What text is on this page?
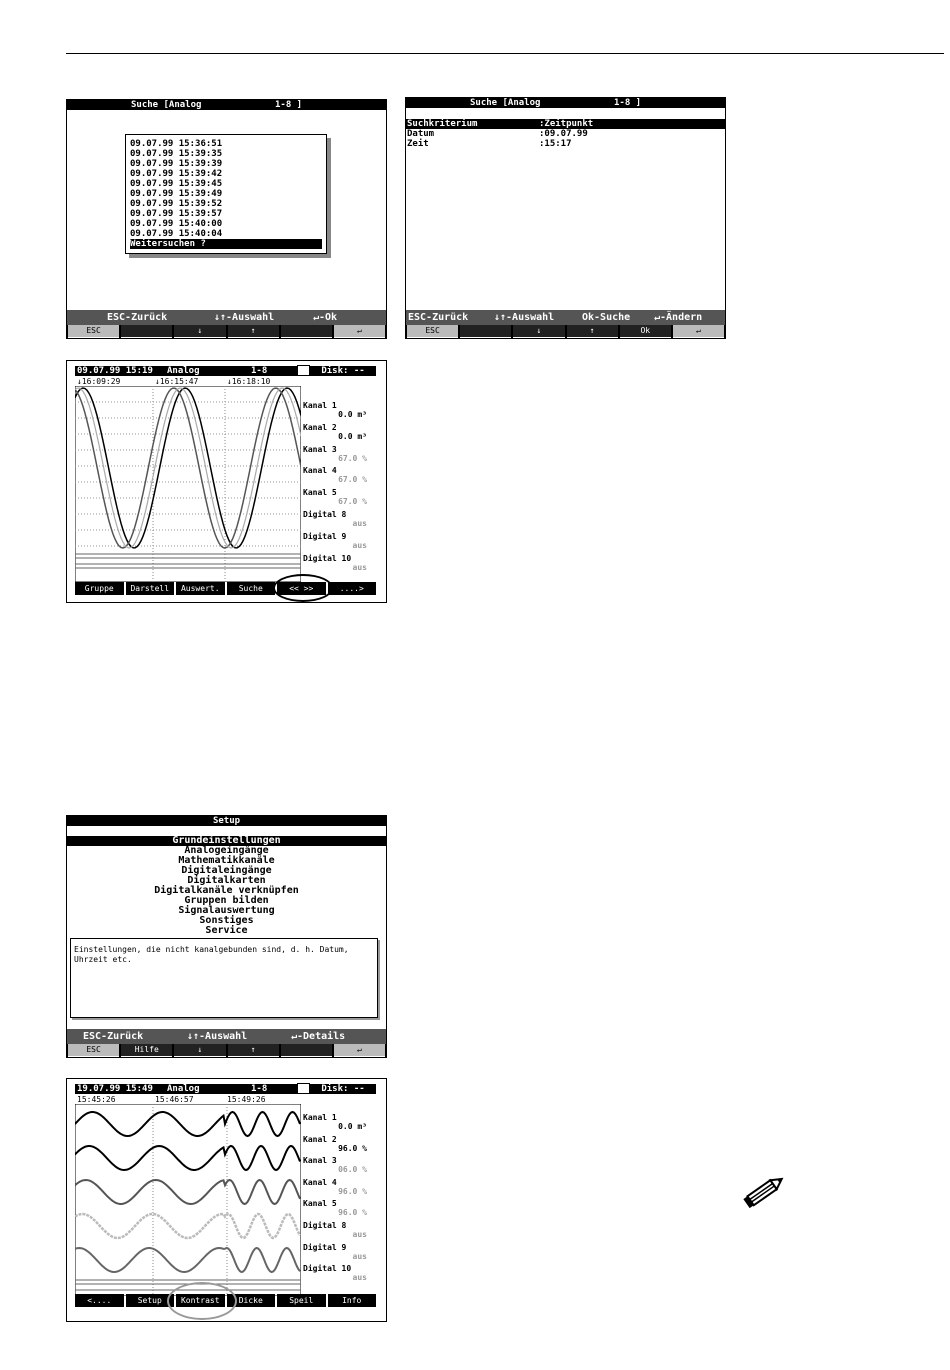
Suche [Analog

	1-8 ]

09.07.99 15:36:51
09.07.99 15:39:35
09.07.99 15:39:39
09.07.99 15:39:42
09.07.99 15:39:45
09.07.99 15:39:49
09.07.99 15:39:52
09.07.99 15:39:57
09.07.99 15:40:00
09.07.99 15:40:04
Weitersuchen ?

ESC-Zurück

	↓↑-Auswahl

	↵-Ok

ESC	↓	↑	↵

Suche [Analog

	1-8 ]

Suchkriterium

	:Zeitpunkt

Datum

	:09.07.99

Zeit

	:15:17

ESC-Zurück

	↓↑-Auswahl

	Ok-Suche

↵-Ändern

ESC	↓	↑	Ok	↵
09.07.99 15:19 Analog	1-8	Disk: --

↓16:09:29

	↓16:15:47

	↓16:18:10

Kanal 1
0.0 m³
Kanal 2
0.0 m³
Kanal 3
67.0 %
Kanal 4
67.0 %
Kanal 5
67.0 %
Digital 8
aus
Digital 9
aus
Digital 10
aus
Gruppe	Darstell	Auswert.	Suche	<< >>	....>

Setup

Grundeinstellungen
Analogeingänge
Mathematikkanäle
Digitaleingänge
Digitalkarten
Digitalkanäle verknüpfen
Gruppen bilden
Signalauswertung
Sonstiges
Service
Einstellungen, die nicht kanalgebunden sind, d. h. Datum, Uhrzeit etc.

ESC-Zurück

	↓↑-Auswahl

	↵-Details

ESC	Hilfe	↓	↑	↵
19.07.99 15:49 Analog	1-8	Disk: --

15:45:26

	15:46:57

	15:49:26

Kanal 1
0.0 m³
Kanal 2
96.0 %
Kanal 3
06.0 %
Kanal 4
96.0 %
Kanal 5
96.0 %
Digital 8
aus
Digital 9
aus
Digital 10
aus
<....	Setup	Kontrast	Dicke	Speil	Info
